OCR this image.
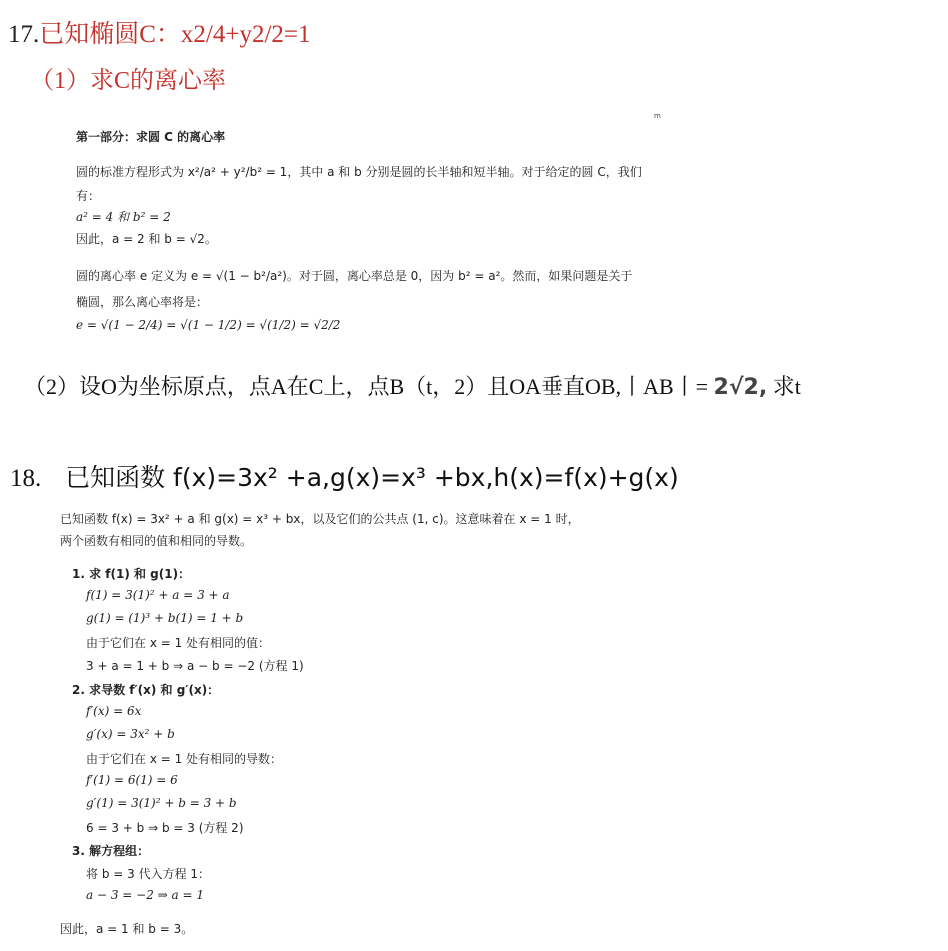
17.已知椭圆C：x2/4+y2/2=1
（1）求C的离心率
m
第一部分：求圆 C 的离心率
圆的标准方程形式为 x²/a² + y²/b² = 1，其中 a 和 b 分别是圆的长半轴和短半轴。对于给定的圆 C，我们
有：
a² = 4 和 b² = 2
因此，a = 2 和 b = √2。
圆的离心率 e 定义为 e = √(1 − b²/a²)。对于圆，离心率总是 0，因为 b² = a²。然而，如果问题是关于
椭圆，那么离心率将是：
e = √(1 − 2/4) = √(1 − 1/2) = √(1/2) = √2/2
（2）设O为坐标原点，点A在C上，点B（t，2）且OA垂直OB,丨AB丨= 2√2, 求t
18. 已知函数 f(x)=3x² +a,g(x)=x³ +bx,h(x)=f(x)+g(x)
已知函数 f(x) = 3x² + a 和 g(x) = x³ + bx，以及它们的公共点 (1, c)。这意味着在 x = 1 时，
两个函数有相同的值和相同的导数。
1. 求 f(1) 和 g(1)：
f(1) = 3(1)² + a = 3 + a
g(1) = (1)³ + b(1) = 1 + b
由于它们在 x = 1 处有相同的值：
3 + a = 1 + b ⇒ a − b = −2 (方程 1)
2. 求导数 f′(x) 和 g′(x)：
f′(x) = 6x
g′(x) = 3x² + b
由于它们在 x = 1 处有相同的导数：
f′(1) = 6(1) = 6
g′(1) = 3(1)² + b = 3 + b
6 = 3 + b ⇒ b = 3 (方程 2)
3. 解方程组：
将 b = 3 代入方程 1：
a − 3 = −2 ⇒ a = 1
因此，a = 1 和 b = 3。
